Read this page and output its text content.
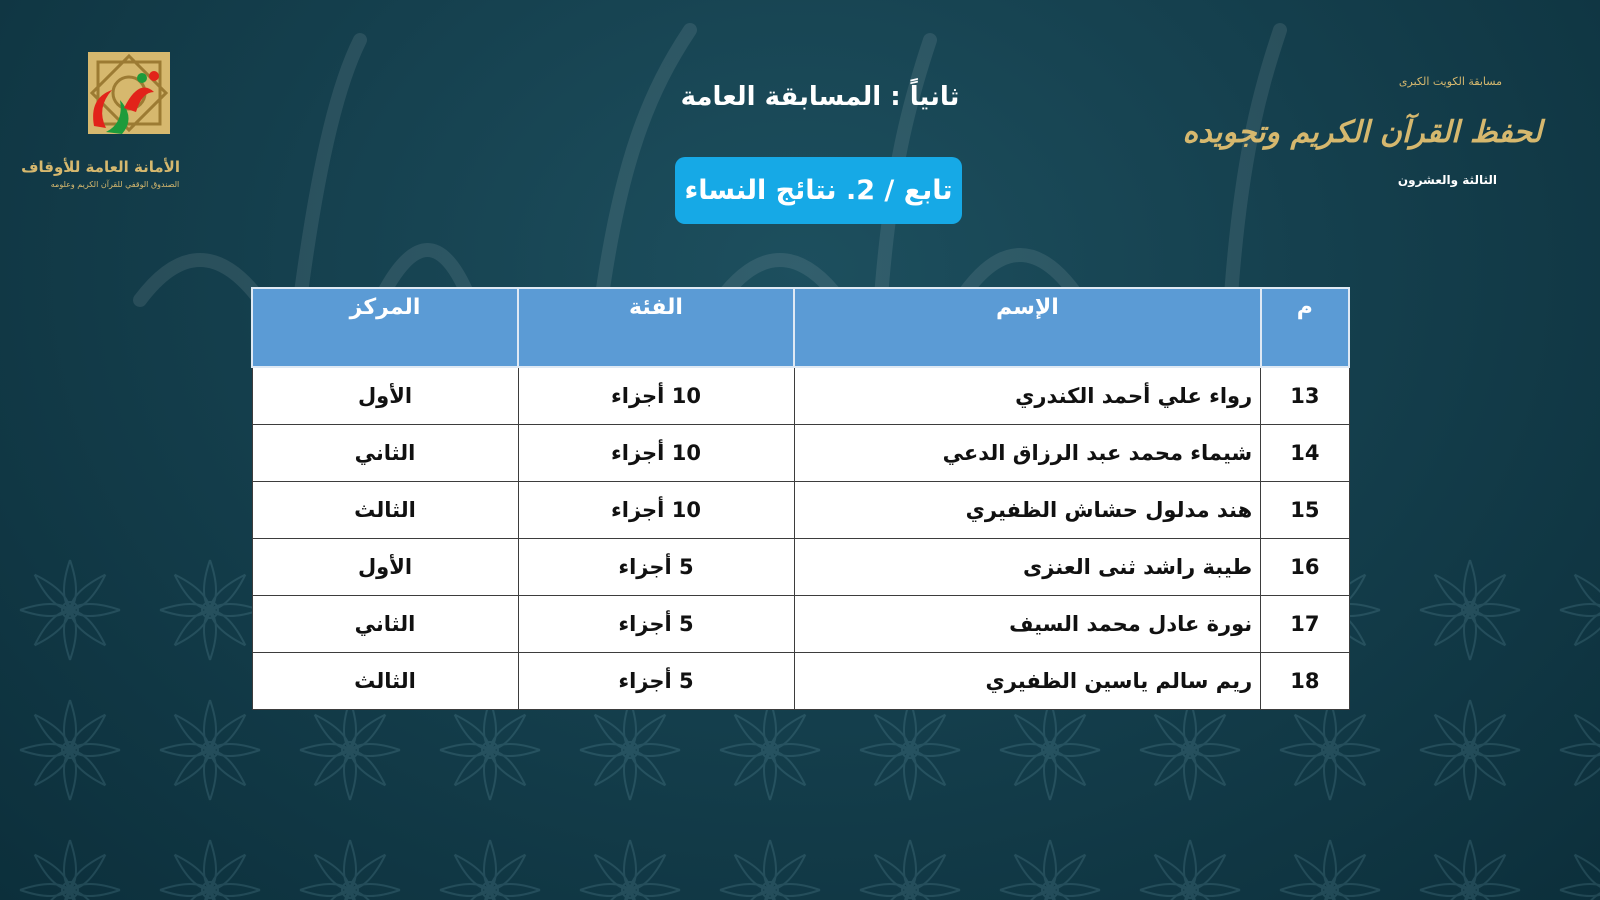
الأمانة العامة للأوقاف
الصندوق الوقفي للقرآن الكريم وعلومه
مسابقة الكويت الكبرى
لحفظ القرآن الكريم وتجويده
الثالثة والعشرون
ثانياً : المسابقة العامة
تابع / 2. نتائج النساء
م	الإسم	الفئة	المركز
13	رواء علي أحمد الكندري	10 أجزاء	الأول
14	شيماء محمد عبد الرزاق الدعي	10 أجزاء	الثاني
15	هند مدلول حشاش الظفيري	10 أجزاء	الثالث
16	طيبة راشد ثنى العنزى	5 أجزاء	الأول
17	نورة عادل محمد السيف	5 أجزاء	الثاني
18	ريم سالم ياسين الظفيري	5 أجزاء	الثالث
